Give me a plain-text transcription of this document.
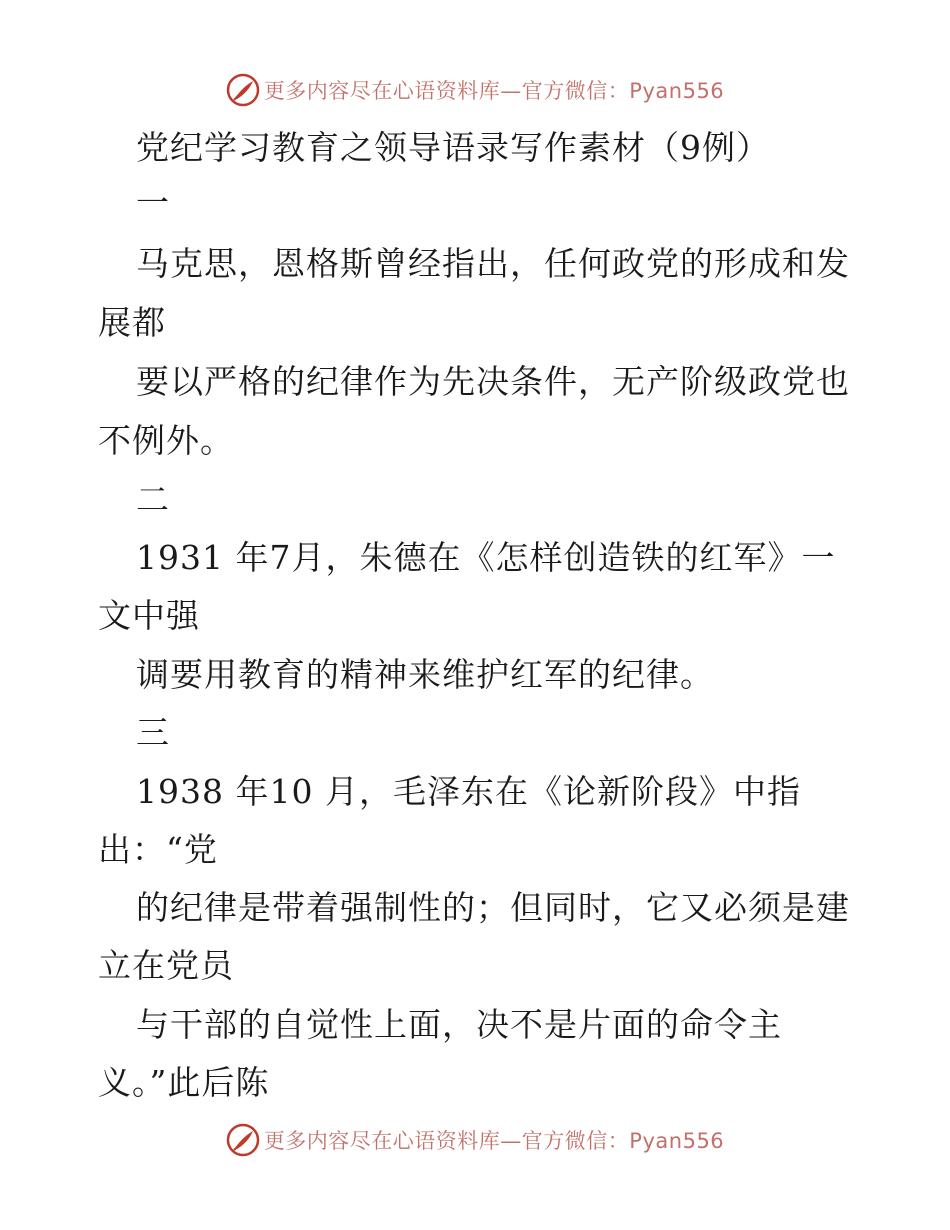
更多内容尽在心语资料库—官方微信：Pyan556
党纪学习教育之领导语录写作素材（9例）
一
马克思，恩格斯曾经指出，任何政党的形成和发
展都
要以严格的纪律作为先决条件，无产阶级政党也
不例外。
二
1931 年7月，朱德在《怎样创造铁的红军》一
文中强
调要用教育的精神来维护红军的纪律。
三
1938 年10 月，毛泽东在《论新阶段》中指
出：“党
的纪律是带着强制性的；但同时，它又必须是建
立在党员
与干部的自觉性上面，决不是片面的命令主
义。”此后陈
更多内容尽在心语资料库—官方微信：Pyan556
